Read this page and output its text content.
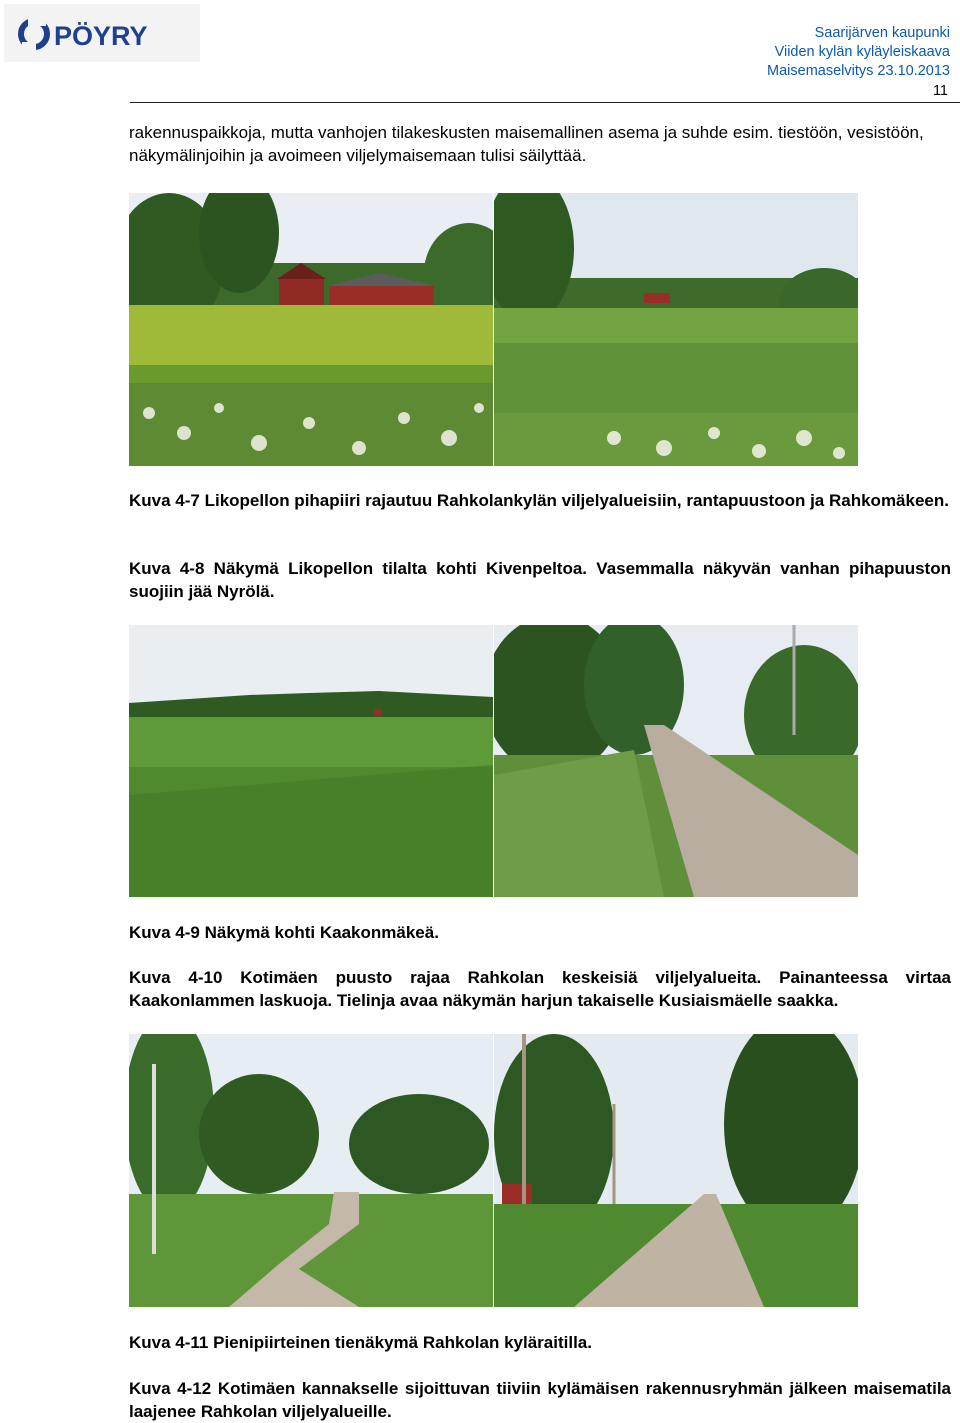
PÖYRY	Saarijärven kaupunki
Viiden kylän kyläyleiskaava
Maisemaselvitys 23.10.2013
11
rakennuspaikkoja, mutta vanhojen tilakeskusten maisemallinen asema ja suhde esim. tiestöön, vesistöön, näkymälinjoihin ja avoimeen viljelymaisemaan tulisi säilyttää.
Kuva 4-7 Likopellon pihapiiri rajautuu Rahkolankylän viljelyalueisiin, rantapuustoon ja Rahkomäkeen.
Kuva 4-8 Näkymä Likopellon tilalta kohti Kivenpeltoa. Vasemmalla näkyvän vanhan pihapuuston suojiin jää Nyrölä.
Kuva 4-9 Näkymä kohti Kaakonmäkeä.
Kuva 4-10 Kotimäen puusto rajaa Rahkolan keskeisiä viljelyalueita. Painanteessa virtaa Kaakonlammen laskuoja. Tielinja avaa näkymän harjun takaiselle Kusiaismäelle saakka.
Kuva 4-11 Pienipiirteinen tienäkymä Rahkolan kyläraitilla.
Kuva 4-12 Kotimäen kannakselle sijoittuvan tiiviin kylämäisen rakennusryhmän jälkeen maisematila laajenee Rahkolan viljelyalueille.
